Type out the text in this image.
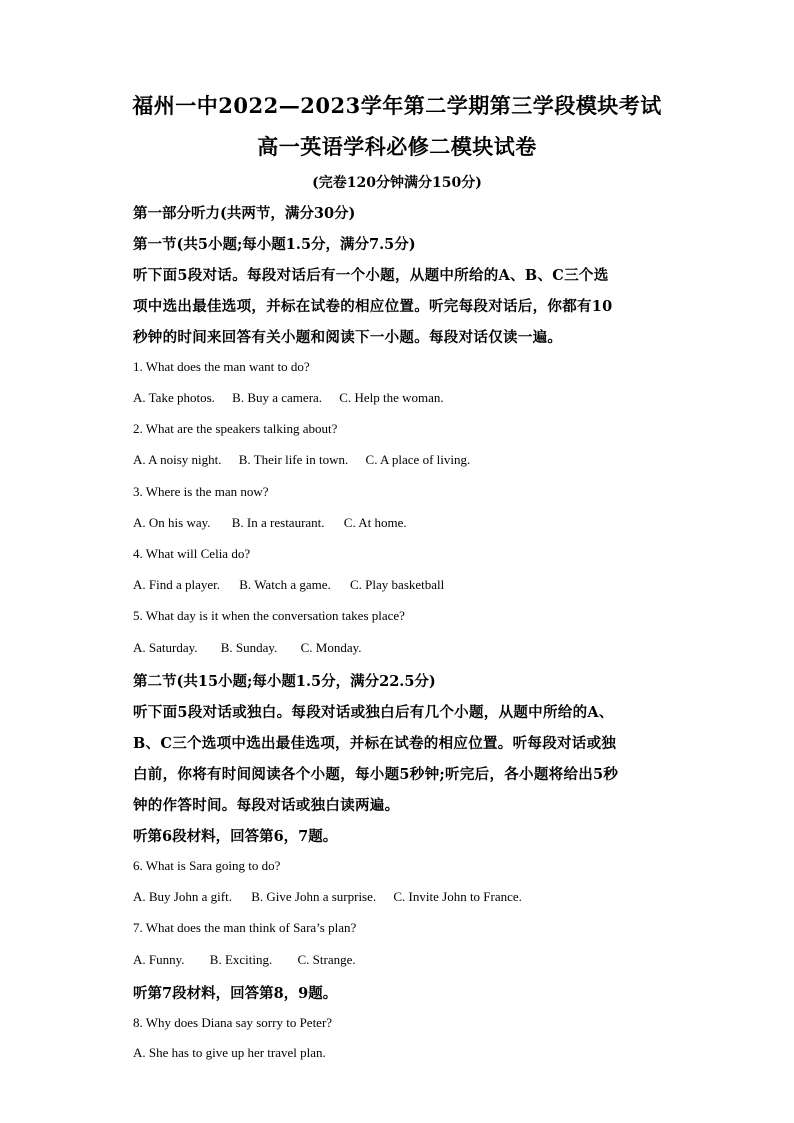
福州一中2022—2023学年第二学期第三学段模块考试
高一英语学科必修二模块试卷
(完卷120分钟满分150分)
第一部分听力(共两节，满分30分)
第一节(共5小题;每小题1.5分，满分7.5分)
听下面5段对话。每段对话后有一个小题，从题中所给的A、B、C三个选
项中选出最佳选项，并标在试卷的相应位置。听完每段对话后，你都有10
秒钟的时间来回答有关小题和阅读下一小题。每段对话仅读一遍。
1. What does the man want to do?
A. Take photos. B. Buy a camera. C. Help the woman.
2. What are the speakers talking about?
A. A noisy night. B. Their life in town. C. A place of living.
3. Where is the man now?
A. On his way. B. In a restaurant. C. At home.
4. What will Celia do?
A. Find a player. B. Watch a game. C. Play basketball
5. What day is it when the conversation takes place?
A. Saturday. B. Sunday. C. Monday.
第二节(共15小题;每小题1.5分，满分22.5分)
听下面5段对话或独白。每段对话或独白后有几个小题，从题中所给的A、
B、C三个选项中选出最佳选项，并标在试卷的相应位置。听每段对话或独
白前，你将有时间阅读各个小题，每小题5秒钟;听完后，各小题将给出5秒
钟的作答时间。每段对话或独白读两遍。
听第6段材料，回答第6，7题。
6. What is Sara going to do?
A. Buy John a gift. B. Give John a surprise. C. Invite John to France.
7. What does the man think of Sara’s plan?
A. Funny. B. Exciting. C. Strange.
听第7段材料，回答第8，9题。
8. Why does Diana say sorry to Peter?
A. She has to give up her travel plan.
